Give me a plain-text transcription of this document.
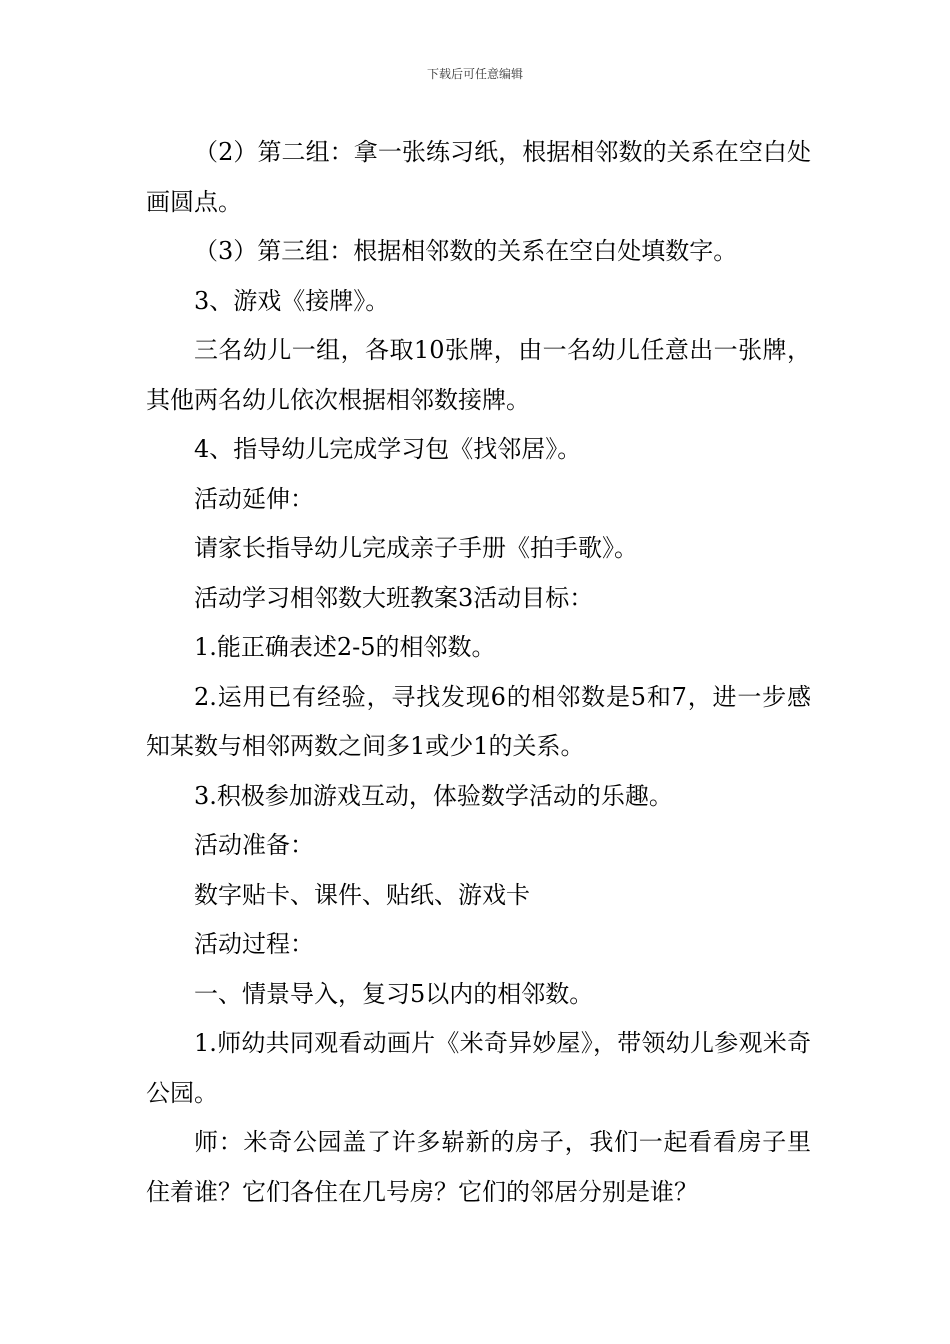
下载后可任意编辑

（2）第二组：拿一张练习纸，根据相邻数的关系在空白处画圆点。

（3）第三组：根据相邻数的关系在空白处填数字。

3、游戏《接牌》。

三名幼儿一组，各取10张牌，由一名幼儿任意出一张牌，其他两名幼儿依次根据相邻数接牌。

4、指导幼儿完成学习包《找邻居》。

活动延伸：

请家长指导幼儿完成亲子手册《拍手歌》。

活动学习相邻数大班教案3活动目标：

1.能正确表述2-5的相邻数。

2.运用已有经验，寻找发现6的相邻数是5和7，进一步感知某数与相邻两数之间多1或少1的关系。

3.积极参加游戏互动，体验数学活动的乐趣。

活动准备：

数字贴卡、课件、贴纸、游戏卡

活动过程：

一、情景导入，复习5以内的相邻数。

1.师幼共同观看动画片《米奇异妙屋》，带领幼儿参观米奇公园。

师：米奇公园盖了许多崭新的房子，我们一起看看房子里住着谁？它们各住在几号房？它们的邻居分别是谁？
